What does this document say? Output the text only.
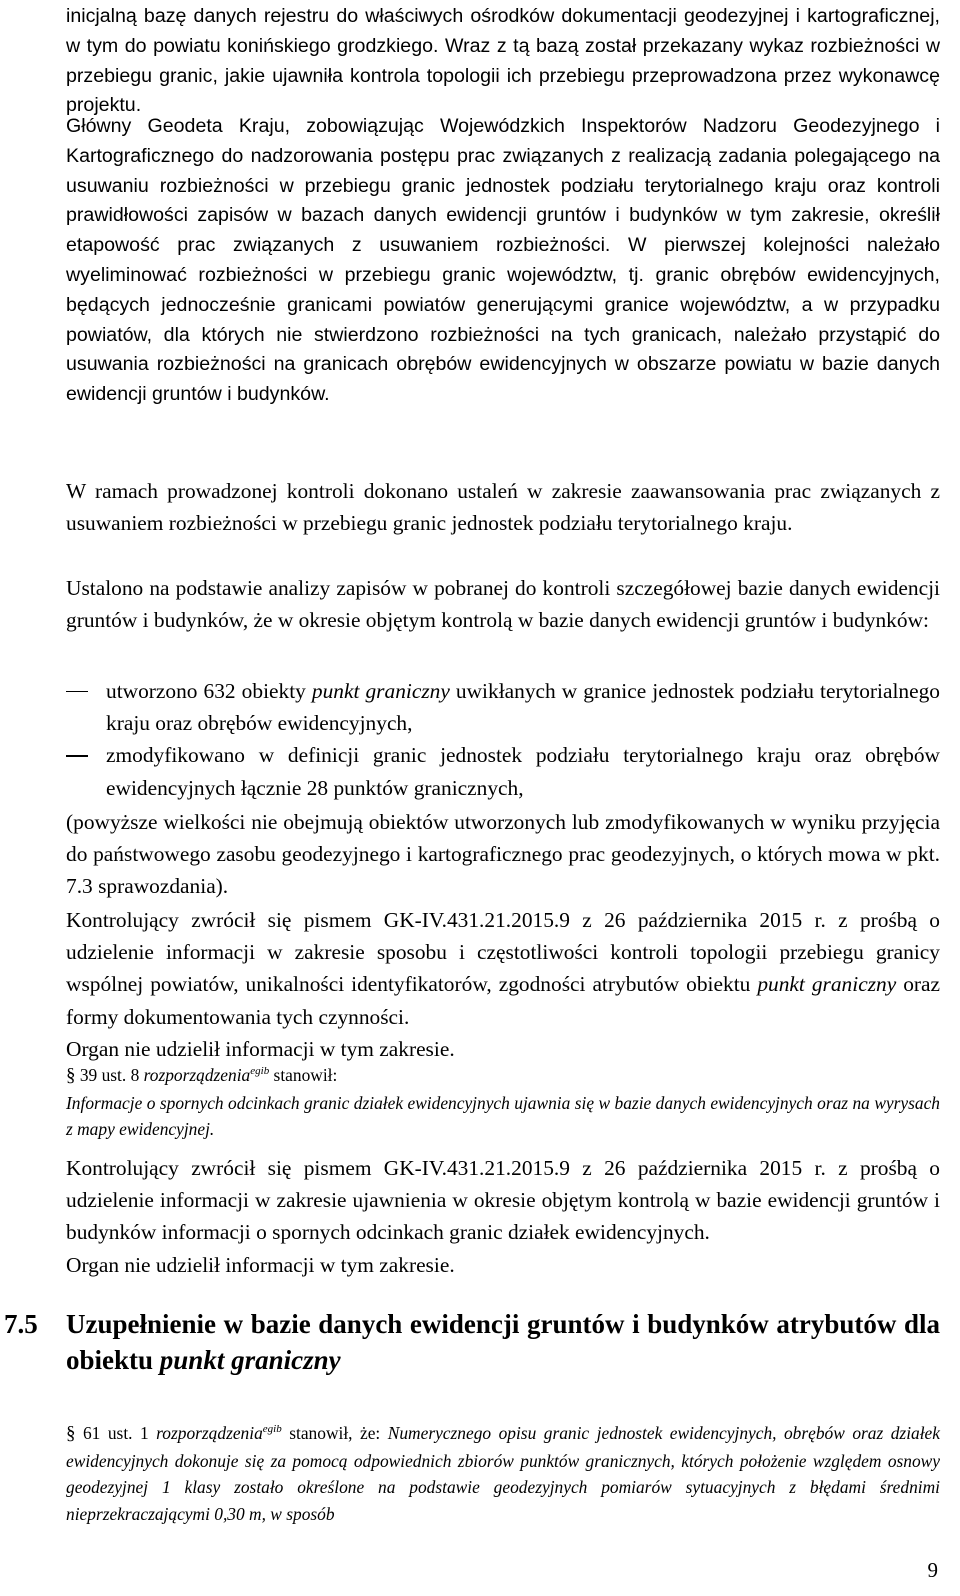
inicjalną bazę danych rejestru do właściwych ośrodków dokumentacji geodezyjnej i kartograficznej, w tym do powiatu konińskiego grodzkiego. Wraz z tą bazą został przekazany wykaz rozbieżności w przebiegu granic, jakie ujawniła kontrola topologii ich przebiegu przeprowadzona przez wykonawcę projektu.
Główny Geodeta Kraju, zobowiązując Wojewódzkich Inspektorów Nadzoru Geodezyjnego i Kartograficznego do nadzorowania postępu prac związanych z realizacją zadania polegającego na usuwaniu rozbieżności w przebiegu granic jednostek podziału terytorialnego kraju oraz kontroli prawidłowości zapisów w bazach danych ewidencji gruntów i budynków w tym zakresie, określił etapowość prac związanych z usuwaniem rozbieżności. W pierwszej kolejności należało wyeliminować rozbieżności w przebiegu granic województw, tj. granic obrębów ewidencyjnych, będących jednocześnie granicami powiatów generującymi granice województw, a w przypadku powiatów, dla których nie stwierdzono rozbieżności na tych granicach, należało przystąpić do usuwania rozbieżności na granicach obrębów ewidencyjnych w obszarze powiatu w bazie danych ewidencji gruntów i budynków.
W ramach prowadzonej kontroli dokonano ustaleń w zakresie zaawansowania prac związanych z usuwaniem rozbieżności w przebiegu granic jednostek podziału terytorialnego kraju.
Ustalono na podstawie analizy zapisów w pobranej do kontroli szczegółowej bazie danych ewidencji gruntów i budynków, że w okresie objętym kontrolą w bazie danych ewidencji gruntów i budynków:
utworzono 632 obiekty punkt graniczny uwikłanych w granice jednostek podziału terytorialnego kraju oraz obrębów ewidencyjnych,
zmodyfikowano w definicji granic jednostek podziału terytorialnego kraju oraz obrębów ewidencyjnych łącznie 28 punktów granicznych,
(powyższe wielkości nie obejmują obiektów utworzonych lub zmodyfikowanych w wyniku przyjęcia do państwowego zasobu geodezyjnego i kartograficznego prac geodezyjnych, o których mowa w pkt. 7.3 sprawozdania).
Kontrolujący zwrócił się pismem GK-IV.431.21.2015.9 z 26 października 2015 r. z prośbą o udzielenie informacji w zakresie sposobu i częstotliwości kontroli topologii przebiegu granicy wspólnej powiatów, unikalności identyfikatorów, zgodności atrybutów obiektu punkt graniczny oraz formy dokumentowania tych czynności.
Organ nie udzielił informacji w tym zakresie.
§ 39 ust. 8 rozporządzenia$^{egib}$ stanowił:
Informacje o spornych odcinkach granic działek ewidencyjnych ujawnia się w bazie danych ewidencyjnych oraz na wyrysach z mapy ewidencyjnej.
Kontrolujący zwrócił się pismem GK-IV.431.21.2015.9 z 26 października 2015 r. z prośbą o udzielenie informacji w zakresie ujawnienia w okresie objętym kontrolą w bazie ewidencji gruntów i budynków informacji o spornych odcinkach granic działek ewidencyjnych.
Organ nie udzielił informacji w tym zakresie.
7.5 Uzupełnienie w bazie danych ewidencji gruntów i budynków atrybutów dla obiektu punkt graniczny
§ 61 ust. 1 rozporządzenia$^{egib}$ stanowił, że: Numerycznego opisu granic jednostek ewidencyjnych, obrębów oraz działek ewidencyjnych dokonuje się za pomocą odpowiednich zbiorów punktów granicznych, których położenie względem osnowy geodezyjnej 1 klasy zostało określone na podstawie geodezyjnych pomiarów sytuacyjnych z błędami średnimi nieprzekraczającymi 0,30 m, w sposób
9
